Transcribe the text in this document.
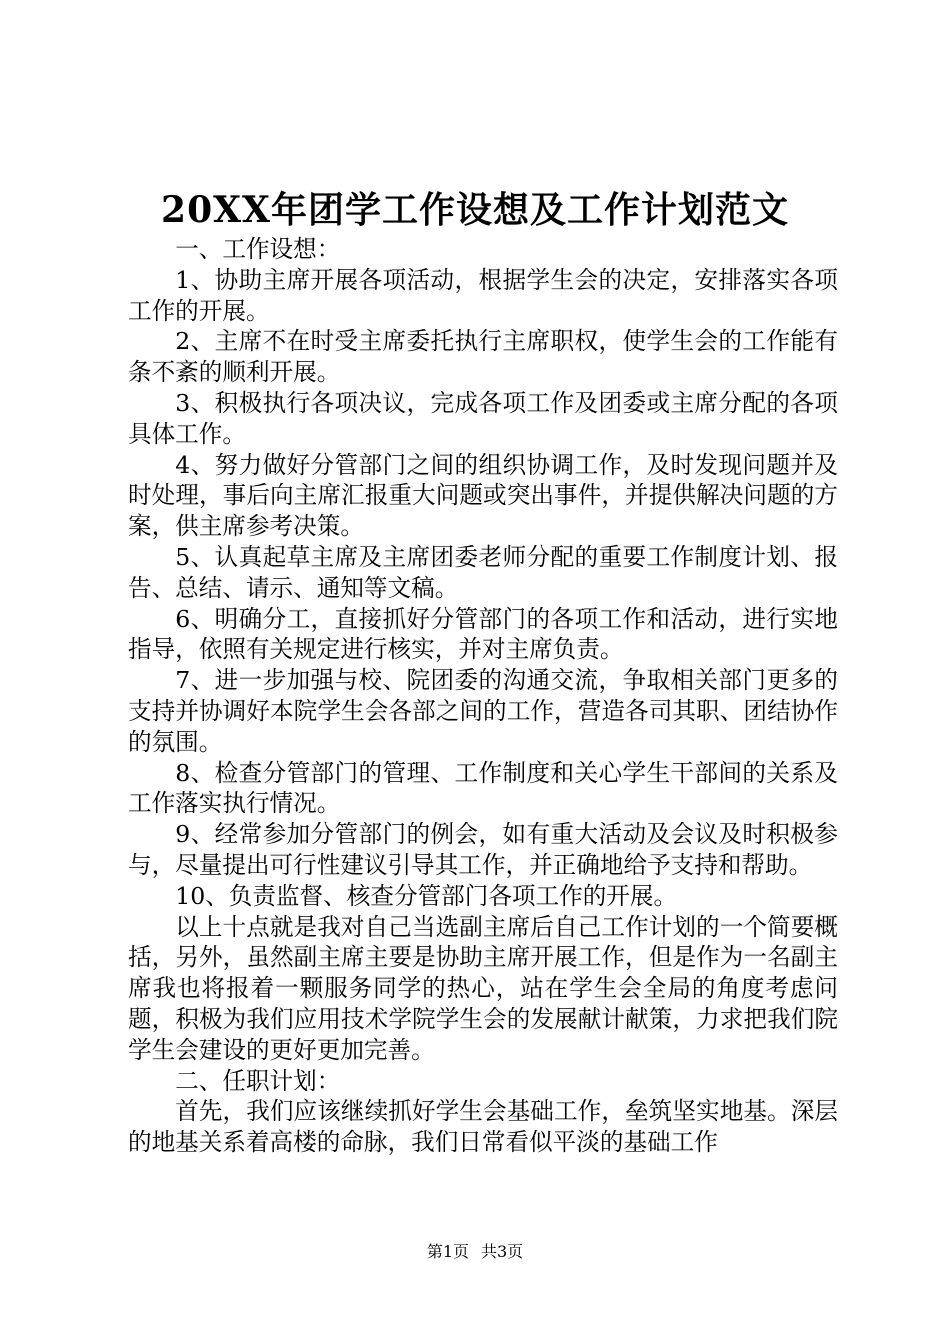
20XX年团学工作设想及工作计划范文

一、工作设想：

1、协助主席开展各项活动，根据学生会的决定，安排落实各项工作的开展。

2、主席不在时受主席委托执行主席职权，使学生会的工作能有条不紊的顺利开展。

3、积极执行各项决议，完成各项工作及团委或主席分配的各项具体工作。

4、努力做好分管部门之间的组织协调工作，及时发现问题并及时处理，事后向主席汇报重大问题或突出事件，并提供解决问题的方案，供主席参考决策。

5、认真起草主席及主席团委老师分配的重要工作制度计划、报告、总结、请示、通知等文稿。

6、明确分工，直接抓好分管部门的各项工作和活动，进行实地指导，依照有关规定进行核实，并对主席负责。

7、进一步加强与校、院团委的沟通交流，争取相关部门更多的支持并协调好本院学生会各部之间的工作，营造各司其职、团结协作的氛围。

8、检查分管部门的管理、工作制度和关心学生干部间的关系及工作落实执行情况。

9、经常参加分管部门的例会，如有重大活动及会议及时积极参与，尽量提出可行性建议引导其工作，并正确地给予支持和帮助。

10、负责监督、核查分管部门各项工作的开展。

以上十点就是我对自己当选副主席后自己工作计划的一个简要概括，另外，虽然副主席主要是协助主席开展工作，但是作为一名副主席我也将报着一颗服务同学的热心，站在学生会全局的角度考虑问题，积极为我们应用技术学院学生会的发展献计献策，力求把我们院学生会建设的更好更加完善。

二、任职计划：

首先，我们应该继续抓好学生会基础工作，垒筑坚实地基。深层的地基关系着高楼的命脉，我们日常看似平淡的基础工作

第1页 共3页
